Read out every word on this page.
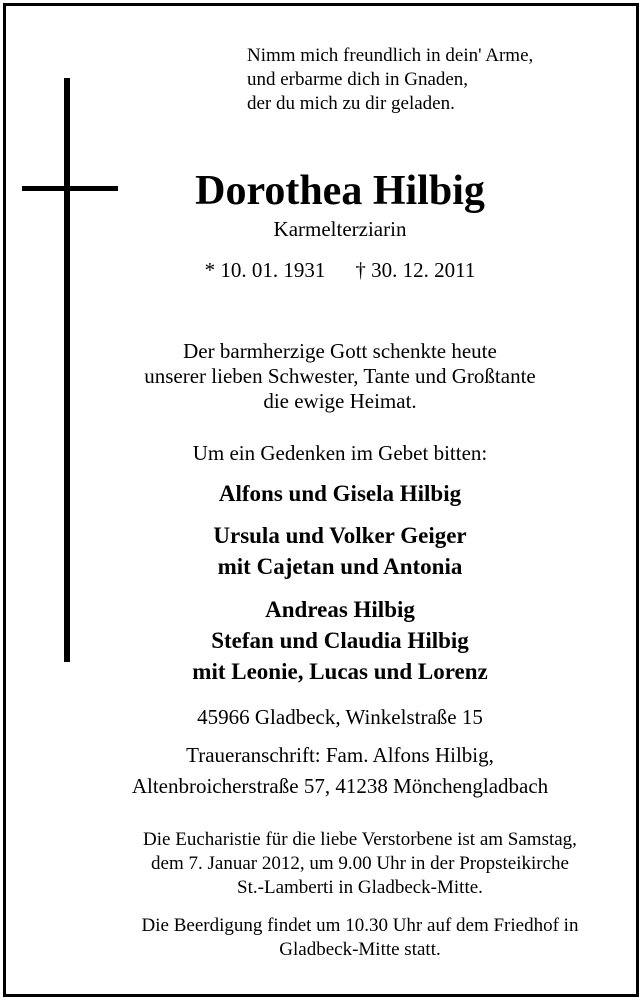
Nimm mich freundlich in dein' Arme,
und erbarme dich in Gnaden,
der du mich zu dir geladen.
Dorothea Hilbig
Karmelterziarin
* 10. 01. 1931 † 30. 12. 2011
Der barmherzige Gott schenkte heute
unserer lieben Schwester, Tante und Großtante
die ewige Heimat.
Um ein Gedenken im Gebet bitten:
Alfons und Gisela Hilbig
Ursula und Volker Geiger
mit Cajetan und Antonia
Andreas Hilbig
Stefan und Claudia Hilbig
mit Leonie, Lucas und Lorenz
45966 Gladbeck, Winkelstraße 15
Traueranschrift: Fam. Alfons Hilbig,
Altenbroicherstraße 57, 41238 Mönchengladbach
Die Eucharistie für die liebe Verstorbene ist am Samstag,
dem 7. Januar 2012, um 9.00 Uhr in der Propsteikirche
St.-Lamberti in Gladbeck-Mitte.
Die Beerdigung findet um 10.30 Uhr auf dem Friedhof in
Gladbeck-Mitte statt.
